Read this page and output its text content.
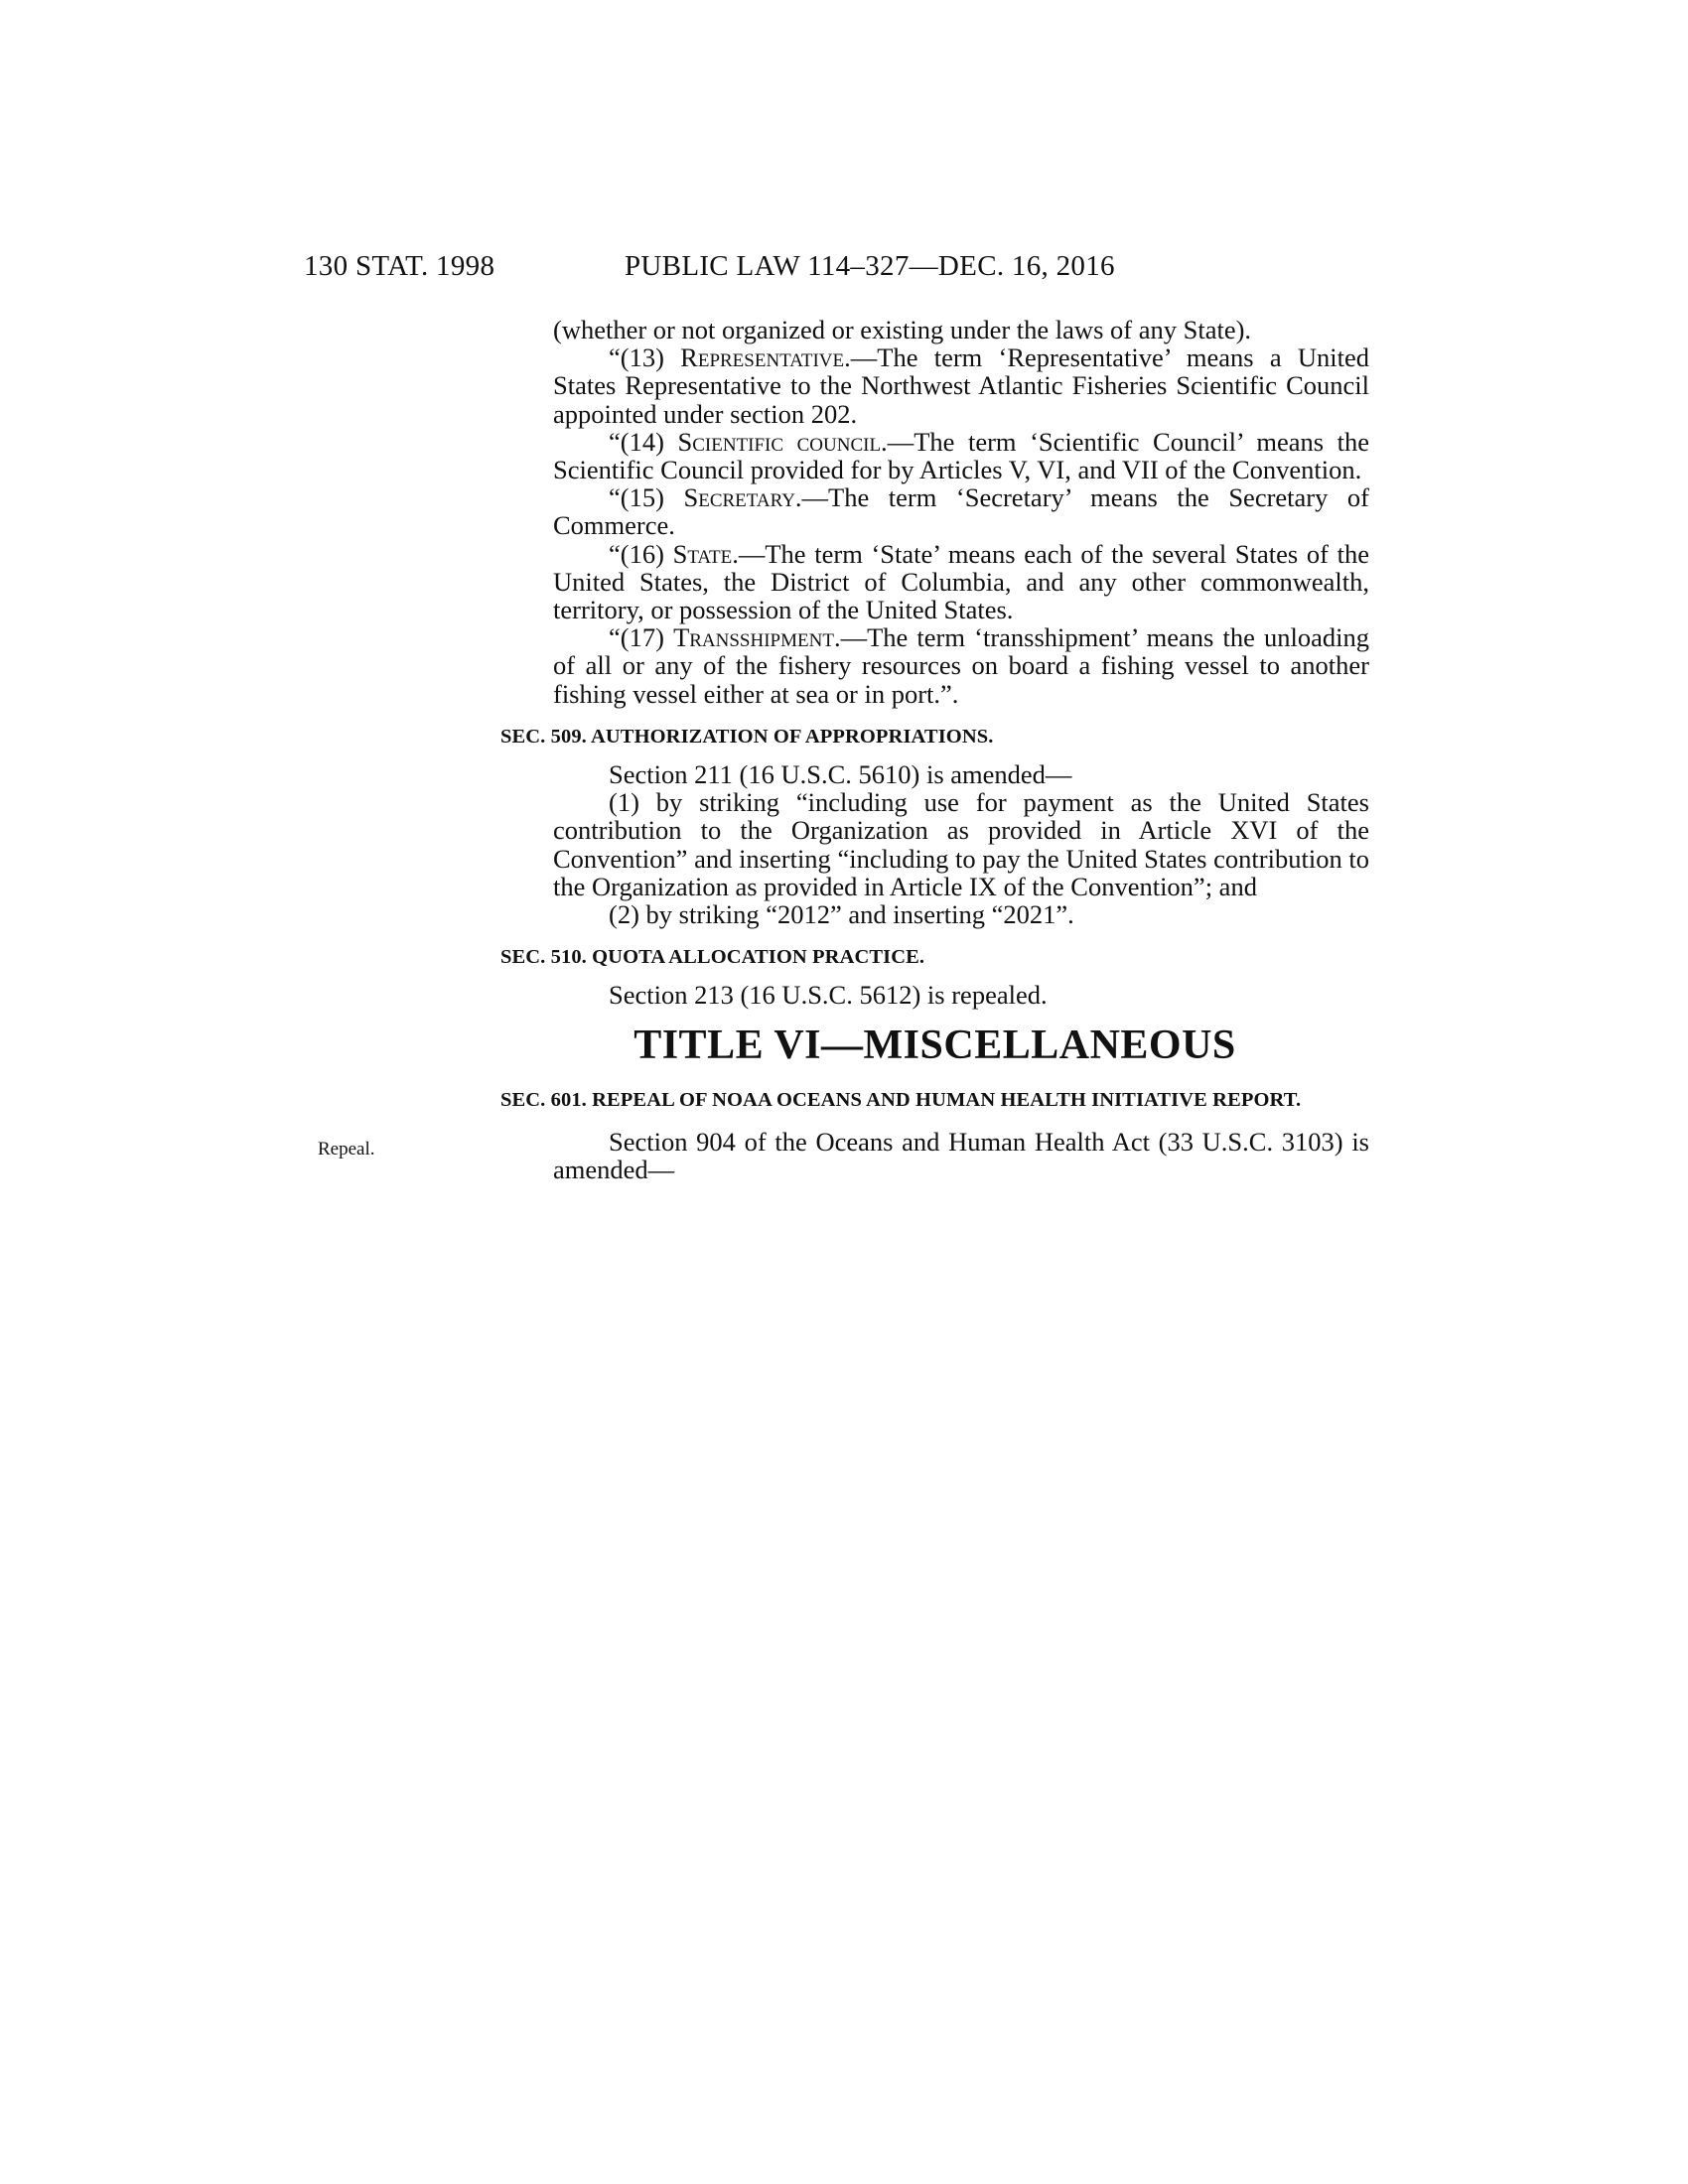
130 STAT. 1998	PUBLIC LAW 114–327—DEC. 16, 2016
Repeal.

(whether or not organized or existing under the laws of any State).

“(13) Representative.—The term ‘Representative’ means a United States Representative to the Northwest Atlantic Fisheries Scientific Council appointed under section 202.

“(14) Scientific council.—The term ‘Scientific Council’ means the Scientific Council provided for by Articles V, VI, and VII of the Convention.

“(15) Secretary.—The term ‘Secretary’ means the Secretary of Commerce.

“(16) State.—The term ‘State’ means each of the several States of the United States, the District of Columbia, and any other commonwealth, territory, or possession of the United States.

“(17) Transshipment.—The term ‘transshipment’ means the unloading of all or any of the fishery resources on board a fishing vessel to another fishing vessel either at sea or in port.”.

SEC. 509. AUTHORIZATION OF APPROPRIATIONS.

Section 211 (16 U.S.C. 5610) is amended—

(1) by striking “including use for payment as the United States contribution to the Organization as provided in Article XVI of the Convention” and inserting “including to pay the United States contribution to the Organization as provided in Article IX of the Convention”; and

(2) by striking “2012” and inserting “2021”.

SEC. 510. QUOTA ALLOCATION PRACTICE.

Section 213 (16 U.S.C. 5612) is repealed.

TITLE VI—MISCELLANEOUS
SEC. 601. REPEAL OF NOAA OCEANS AND HUMAN HEALTH INITIATIVE REPORT.

Section 904 of the Oceans and Human Health Act (33 U.S.C. 3103) is amended—
